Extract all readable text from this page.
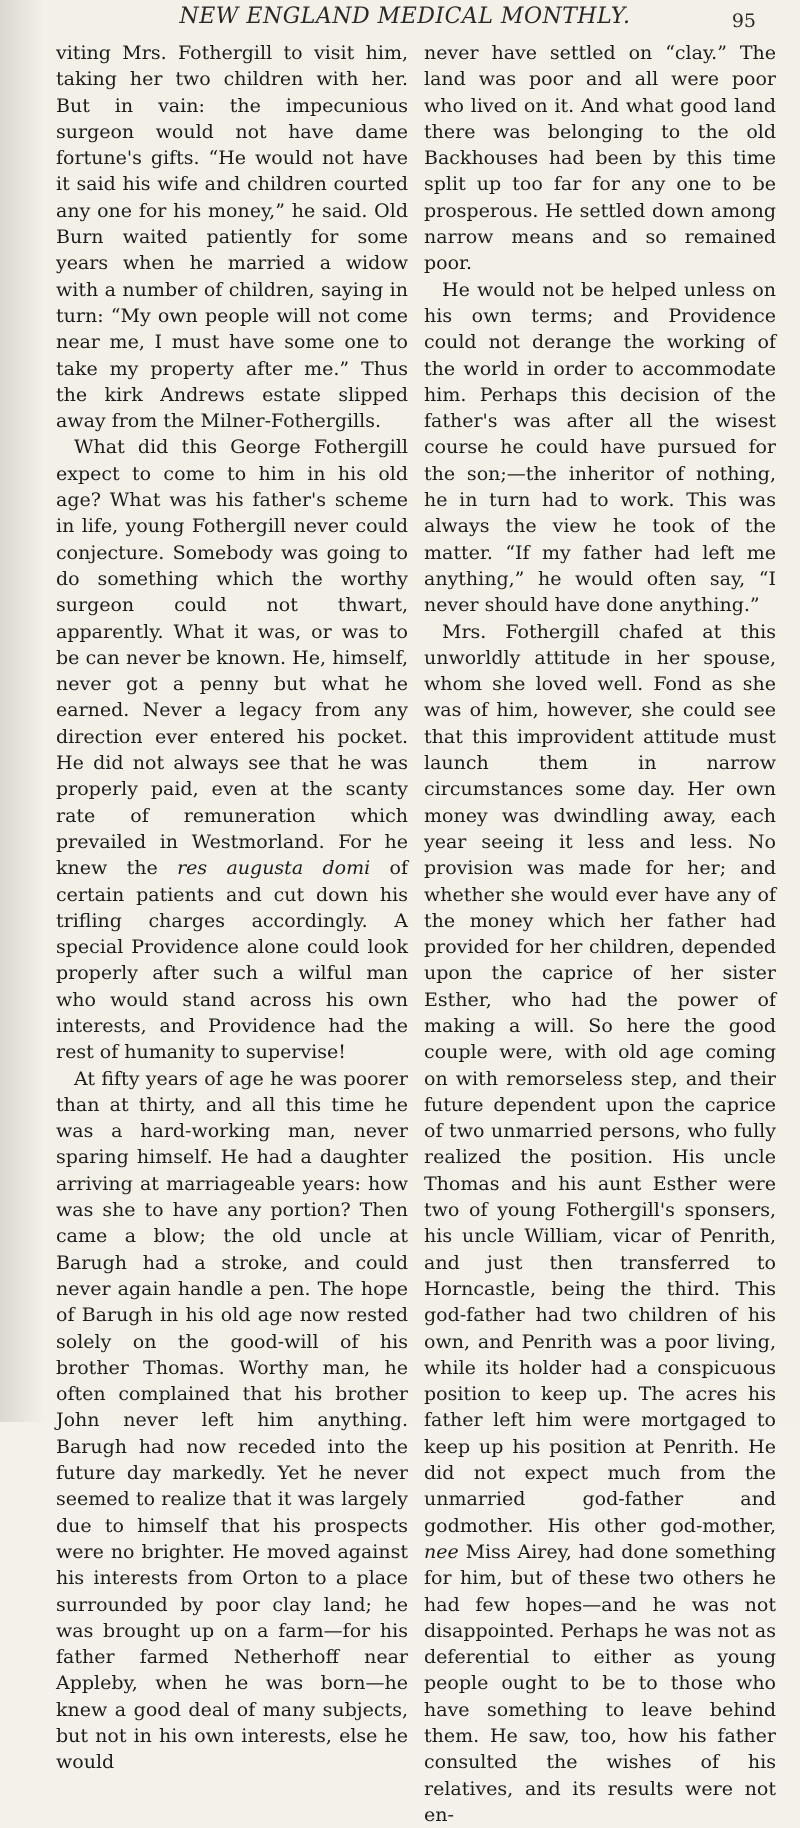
NEW ENGLAND MEDICAL MONTHLY.	95

viting Mrs. Fothergill to visit him, taking her two children with her. But in vain: the impecunious surgeon would not have dame fortune's gifts. “He would not have it said his wife and children courted any one for his money,” he said. Old Burn waited patiently for some years when he married a widow with a number of children, saying in turn: “My own people will not come near me, I must have some one to take my property after me.” Thus the kirk Andrews estate slipped away from the Milner-Fothergills.

What did this George Fothergill expect to come to him in his old age? What was his father's scheme in life, young Fothergill never could conjecture. Somebody was going to do something which the worthy surgeon could not thwart, apparently. What it was, or was to be can never be known. He, himself, never got a penny but what he earned. Never a legacy from any direction ever entered his pocket. He did not always see that he was properly paid, even at the scanty rate of remuneration which prevailed in Westmorland. For he knew the res augusta domi of certain patients and cut down his trifling charges accordingly. A special Providence alone could look properly after such a wilful man who would stand across his own interests, and Providence had the rest of humanity to supervise!

At fifty years of age he was poorer than at thirty, and all this time he was a hard-working man, never sparing himself. He had a daughter arriving at marriageable years: how was she to have any portion? Then came a blow; the old uncle at Barugh had a stroke, and could never again handle a pen. The hope of Barugh in his old age now rested solely on the good-will of his brother Thomas. Worthy man, he often complained that his brother John never left him anything. Barugh had now receded into the future day markedly. Yet he never seemed to realize that it was largely due to himself that his prospects were no brighter. He moved against his interests from Orton to a place surrounded by poor clay land; he was brought up on a farm—for his father farmed Netherhoff near Appleby, when he was born—he knew a good deal of many subjects, but not in his own interests, else he would

never have settled on “clay.” The land was poor and all were poor who lived on it. And what good land there was belonging to the old Backhouses had been by this time split up too far for any one to be prosperous. He settled down among narrow means and so remained poor.

He would not be helped unless on his own terms; and Providence could not derange the working of the world in order to accommodate him. Perhaps this decision of the father's was after all the wisest course he could have pursued for the son;—the inheritor of nothing, he in turn had to work. This was always the view he took of the matter. “If my father had left me anything,” he would often say, “I never should have done anything.”

Mrs. Fothergill chafed at this unworldly attitude in her spouse, whom she loved well. Fond as she was of him, however, she could see that this improvident attitude must launch them in narrow circumstances some day. Her own money was dwindling away, each year seeing it less and less. No provision was made for her; and whether she would ever have any of the money which her father had provided for her children, depended upon the caprice of her sister Esther, who had the power of making a will. So here the good couple were, with old age coming on with remorseless step, and their future dependent upon the caprice of two unmarried persons, who fully realized the position. His uncle Thomas and his aunt Esther were two of young Fothergill's sponsers, his uncle William, vicar of Penrith, and just then transferred to Horncastle, being the third. This god-father had two children of his own, and Penrith was a poor living, while its holder had a conspicuous position to keep up. The acres his father left him were mortgaged to keep up his position at Penrith. He did not expect much from the unmarried god-father and godmother. His other god-mother, nee Miss Airey, had done something for him, but of these two others he had few hopes—and he was not disappointed. Perhaps he was not as deferential to either as young people ought to be to those who have something to leave behind them. He saw, too, how his father consulted the wishes of his relatives, and its results were not en-
